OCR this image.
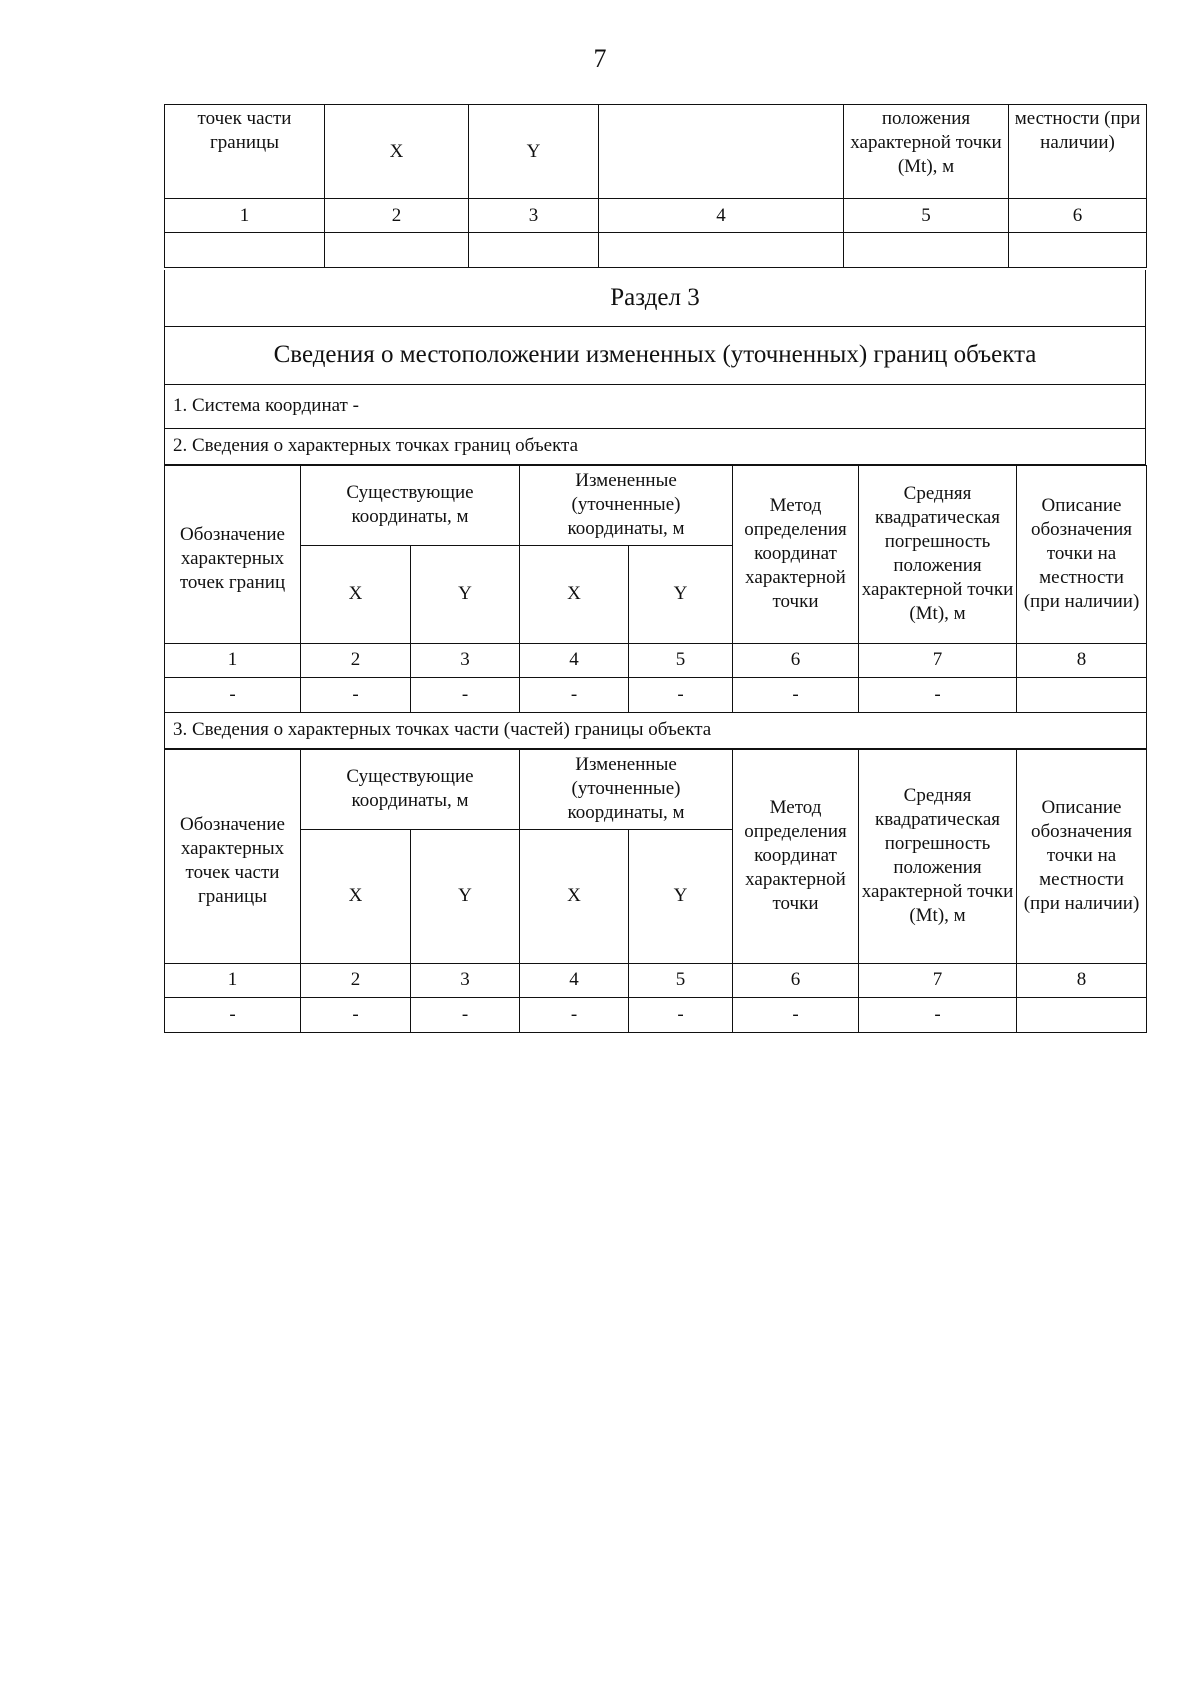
7
точек части границы	X	Y		положения характерной точки (Mt), м	местности (при наличии)
1	2	3	4	5	6

Раздел 3
Сведения о местоположении измененных (уточненных) границ объекта
1. Система координат -
2. Сведения о характерных точках границ объекта
Обозначение характерных точек границ	Существующие координаты, м		Измененные (уточненные) координаты, м		Метод определения координат характерной точки	Средняя квадратическая погрешность положения характерной точки (Mt), м	Описание обозначения точки на местности (при наличии)
	X	Y	X	Y			
1	2	3	4	5	6	7	8
-	-	-	-	-	-	-	
3. Сведения о характерных точках части (частей) границы объекта							
Обозначение характерных точек части границы	Существующие координаты, м		Измененные (уточненные) координаты, м		Метод определения координат характерной точки	Средняя квадратическая погрешность положения характерной точки (Mt), м	Описание обозначения точки на местности (при наличии)
	X	Y	X	Y			
1	2	3	4	5	6	7	8
-	-	-	-	-	-	-	
